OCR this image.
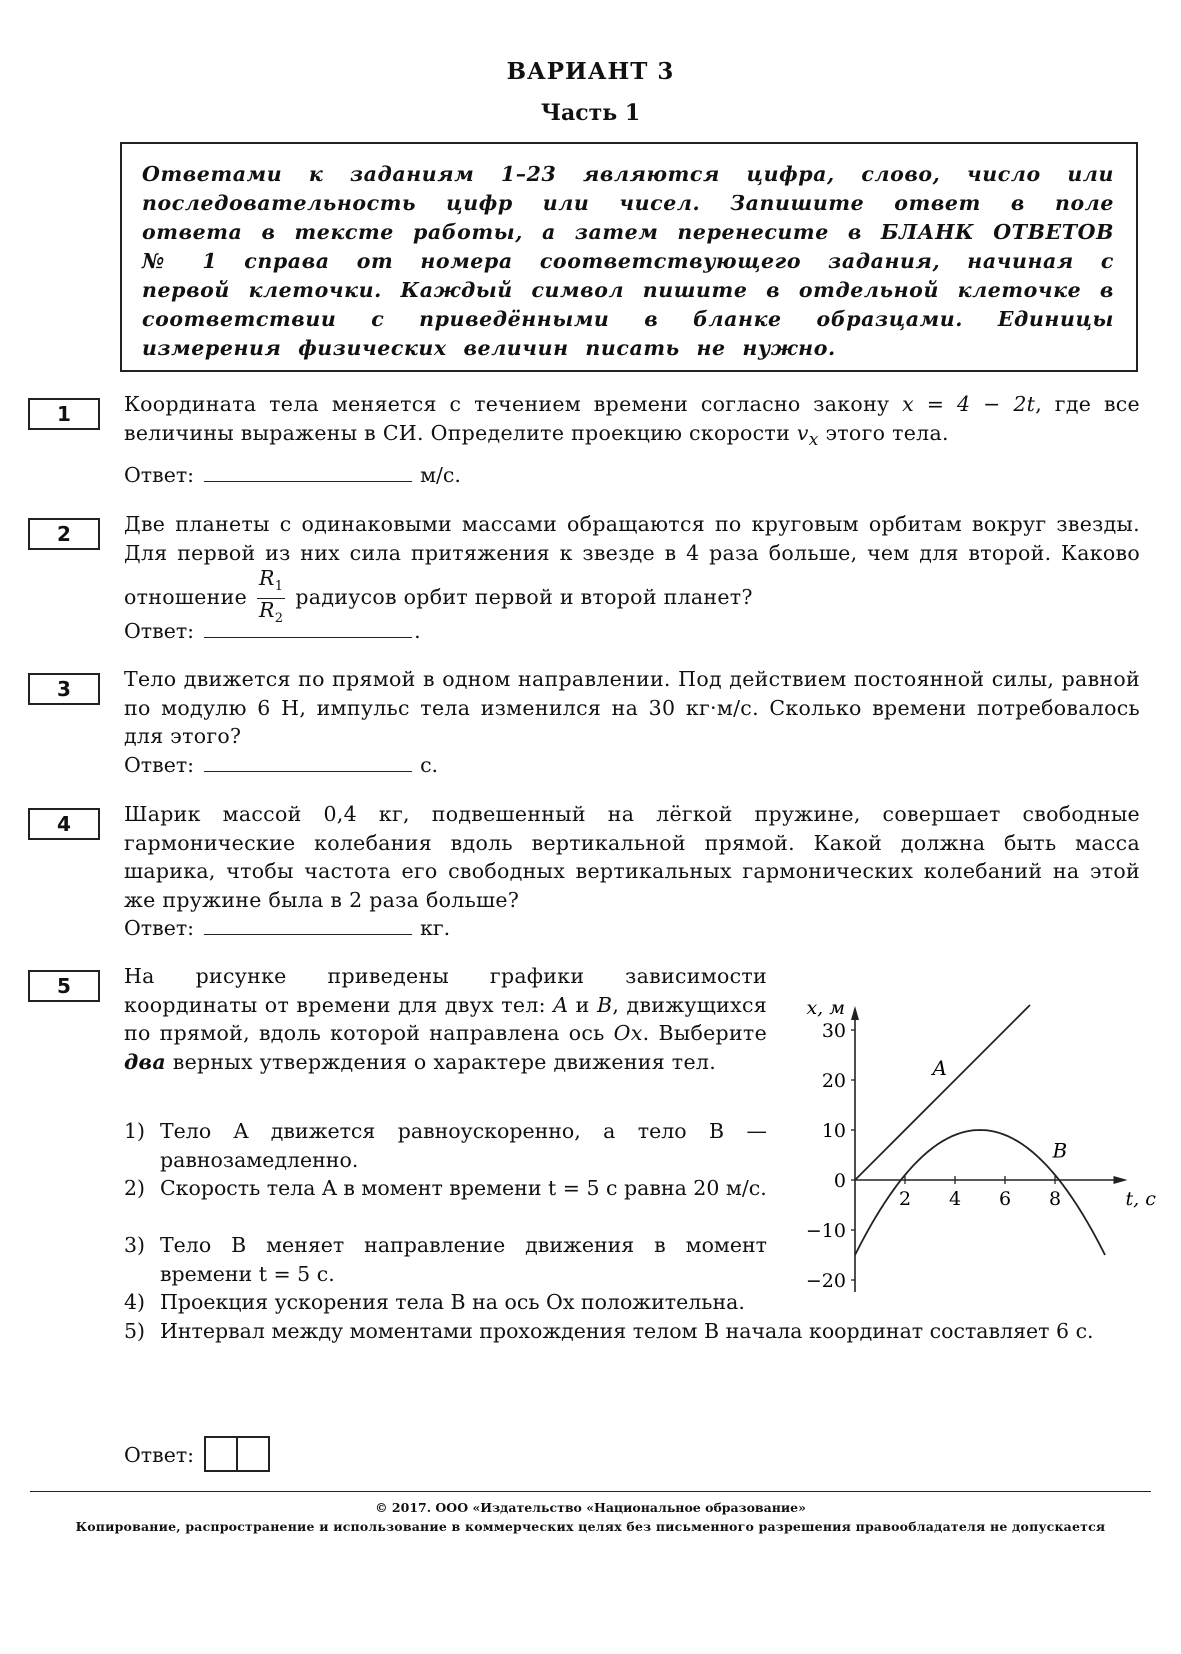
ВАРИАНТ 3
Часть 1
Ответами к заданиям 1–23 являются цифра, слово, число или последовательность цифр или чисел. Запишите ответ в поле ответа в тексте работы, а затем перенесите в БЛАНК ОТВЕТОВ № 1 справа от номера соответствующего задания, начиная с первой клеточки. Каждый символ пишите в отдельной клеточке в соответствии с приведёнными в бланке образцами. Единицы измерения физических величин писать не нужно.
1	Координата тела меняется с течением времени согласно закону x = 4 − 2t, где все величины выражены в СИ. Определите проекцию скорости $v_x$ этого тела.
Ответ:	м/с.
2	Две планеты с одинаковыми массами обращаются по круговым орбитам вокруг звезды. Для первой из них сила притяжения к звезде в 4 раза больше, чем для второй. Каково отношение $\frac{R_1}{R_2}$ радиусов орбит первой и второй планет?
Ответ:	.
3	Тело движется по прямой в одном направлении. Под действием постоянной силы, равной по модулю 6 Н, импульс тела изменился на 30 кг·м/с. Сколько времени потребовалось для этого?
Ответ:	с.
4	Шарик массой 0,4 кг, подвешенный на лёгкой пружине, совершает свободные гармонические колебания вдоль вертикальной прямой. Какой должна быть масса шарика, чтобы частота его свободных вертикальных гармонических колебаний на этой же пружине была в 2 раза больше?
Ответ:	кг.
5	На рисунке приведены графики зависимости координаты от времени для двух тел: A и B, движущихся по прямой, вдоль которой направлена ось Ox. Выберите два верных утверждения о характере движения тел.
1) Тело A движется равноускоренно, а тело B — равнозамедленно.
2) Скорость тела A в момент времени t = 5 с равна 20 м/с.
3) Тело B меняет направление движения в момент времени t = 5 с.
4) Проекция ускорения тела B на ось Ox положительна.
5) Интервал между моментами прохождения телом B начала координат составляет 6 с.
Ответ:
30
20
10
0
−10
−20
2 4 6 8
x, м
t, с
A
B
© 2017. ООО «Издательство «Национальное образование»
Копирование, распространение и использование в коммерческих целях без письменного разрешения правообладателя не допускается
